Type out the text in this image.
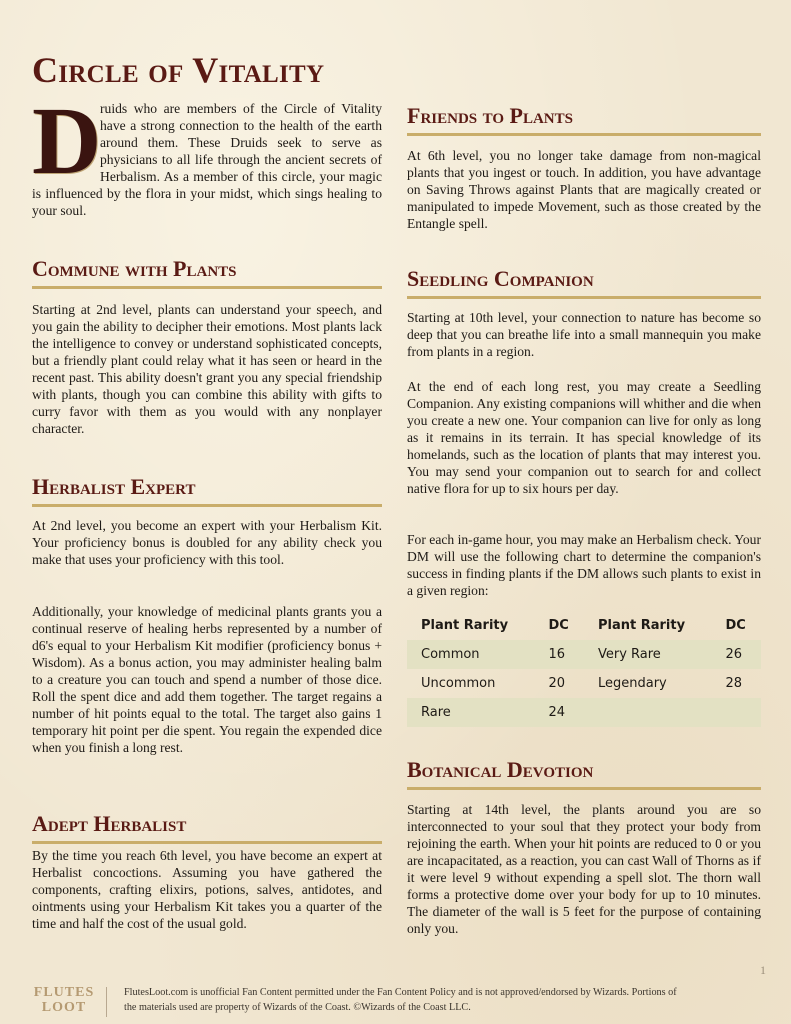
Circle of Vitality
D

ruids who are members of the Circle of Vitality have a strong connection to the health of the earth around them. These Druids seek to serve as physicians to all life through the ancient secrets of Herbalism. As a member of this circle, your magic is influenced by the flora in your midst, which sings healing to your soul.

Commune with Plants

Starting at 2nd level, plants can understand your speech, and you gain the ability to decipher their emotions. Most plants lack the intelligence to convey or understand sophisticated concepts, but a friendly plant could relay what it has seen or heard in the recent past. This ability doesn't grant you any special friendship with plants, though you can combine this ability with gifts to curry favor with them as you would with any nonplayer character.

Herbalist Expert

At 2nd level, you become an expert with your Herbalism Kit. Your proficiency bonus is doubled for any ability check you make that uses your proficiency with this tool.

Additionally, your knowledge of medicinal plants grants you a continual reserve of healing herbs represented by a number of d6's equal to your Herbalism Kit modifier (proficiency bonus + Wisdom). As a bonus action, you may administer healing balm to a creature you can touch and spend a number of those dice. Roll the spent dice and add them together. The target regains a number of hit points equal to the total. The target also gains 1 temporary hit point per die spent. You regain the expended dice when you finish a long rest.

Adept Herbalist

By the time you reach 6th level, you have become an expert at Herbalist concoctions. Assuming you have gathered the components, crafting elixirs, potions, salves, antidotes, and ointments using your Herbalism Kit takes you a quarter of the time and half the cost of the usual gold.

Friends to Plants

At 6th level, you no longer take damage from non-magical plants that you ingest or touch. In addition, you have advantage on Saving Throws against Plants that are magically created or manipulated to impede Movement, such as those created by the Entangle spell.

Seedling Companion

Starting at 10th level, your connection to nature has become so deep that you can breathe life into a small mannequin you make from plants in a region.

At the end of each long rest, you may create a Seedling Companion. Any existing companions will whither and die when you create a new one. Your companion can live for only as long as it remains in its terrain. It has special knowledge of its homelands, such as the location of plants that may interest you. You may send your companion out to search for and collect native flora for up to six hours per day.

For each in-game hour, you may make an Herbalism check. Your DM will use the following chart to determine the companion's success in finding plants if the DM allows such plants to exist in a given region:

Plant Rarity	DC	Plant Rarity	DC
Common	16	Very Rare	26
Uncommon	20	Legendary	28
Rare	24		
Botanical Devotion

Starting at 14th level, the plants around you are so interconnected to your soul that they protect your body from rejoining the earth. When your hit points are reduced to 0 or you are incapacitated, as a reaction, you can cast Wall of Thorns as if it were level 9 without expending a spell slot. The thorn wall forms a protective dome over your body for up to 10 minutes. The diameter of the wall is 5 feet for the purpose of containing only you.

1
FLUTES
LOOT
FlutesLoot.com is unofficial Fan Content permitted under the Fan Content Policy and is not approved/endorsed by Wizards. Portions of the materials used are property of Wizards of the Coast. ©Wizards of the Coast LLC.
